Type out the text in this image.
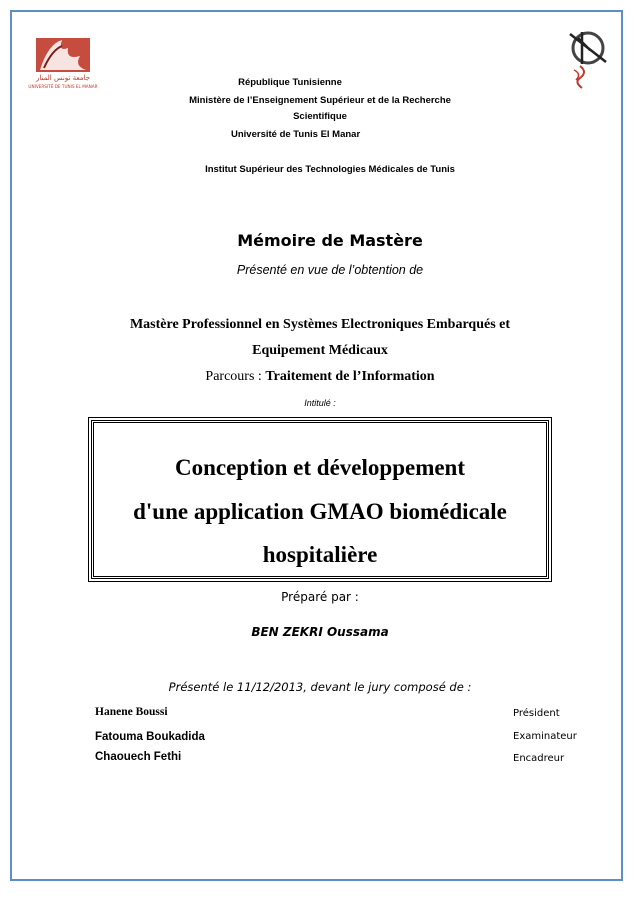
جامعة تونس المنار
UNIVERSITÉ DE TUNIS EL MANAR	République Tunisienne
Ministère de l’Enseignement Supérieur et de la Recherche
Scientifique
Université de Tunis El Manar
Institut Supérieur des Technologies Médicales de Tunis
Mémoire de Mastère
Présenté en vue de l’obtention de
Mastère Professionnel en Systèmes Electroniques Embarqués et
Equipement Médicaux
Parcours : Traitement de l’Information
Intitulé :
Conception et développement
d'une application GMAO biomédicale
hospitalière
Préparé par :
BEN ZEKRI Oussama
Présenté le 11/12/2013, devant le jury composé de :
Hanene Boussi	Président
Fatouma Boukadida	Examinateur
Chaouech Fethi	Encadreur
